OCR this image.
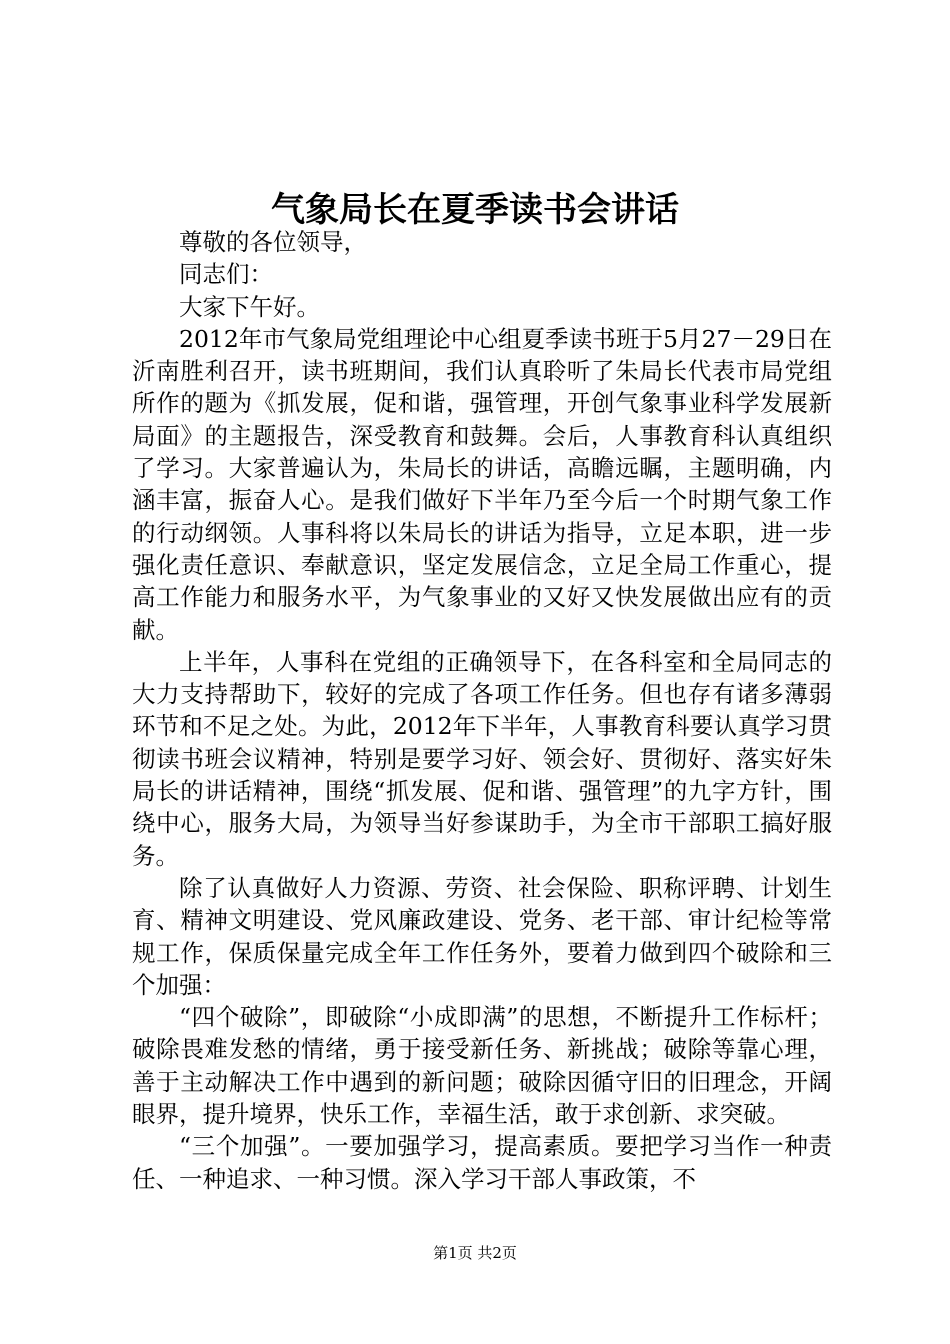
气象局长在夏季读书会讲话

尊敬的各位领导，

同志们：

大家下午好。

2012年市气象局党组理论中心组夏季读书班于5月27－29日在沂南胜利召开，读书班期间，我们认真聆听了朱局长代表市局党组所作的题为《抓发展，促和谐，强管理，开创气象事业科学发展新局面》的主题报告，深受教育和鼓舞。会后，人事教育科认真组织了学习。大家普遍认为，朱局长的讲话，高瞻远瞩，主题明确，内涵丰富，振奋人心。是我们做好下半年乃至今后一个时期气象工作的行动纲领。人事科将以朱局长的讲话为指导，立足本职，进一步强化责任意识、奉献意识，坚定发展信念，立足全局工作重心，提高工作能力和服务水平，为气象事业的又好又快发展做出应有的贡献。

上半年，人事科在党组的正确领导下，在各科室和全局同志的大力支持帮助下，较好的完成了各项工作任务。但也存有诸多薄弱环节和不足之处。为此，2012年下半年，人事教育科要认真学习贯彻读书班会议精神，特别是要学习好、领会好、贯彻好、落实好朱局长的讲话精神，围绕“抓发展、促和谐、强管理”的九字方针，围绕中心，服务大局，为领导当好参谋助手，为全市干部职工搞好服务。

除了认真做好人力资源、劳资、社会保险、职称评聘、计划生育、精神文明建设、党风廉政建设、党务、老干部、审计纪检等常规工作，保质保量完成全年工作任务外，要着力做到四个破除和三个加强：

“四个破除”，即破除“小成即满”的思想，不断提升工作标杆；破除畏难发愁的情绪，勇于接受新任务、新挑战；破除等靠心理，善于主动解决工作中遇到的新问题；破除因循守旧的旧理念，开阔眼界，提升境界，快乐工作，幸福生活，敢于求创新、求突破。

“三个加强”。一要加强学习，提高素质。要把学习当作一种责任、一种追求、一种习惯。深入学习干部人事政策，不

第1页 共2页
